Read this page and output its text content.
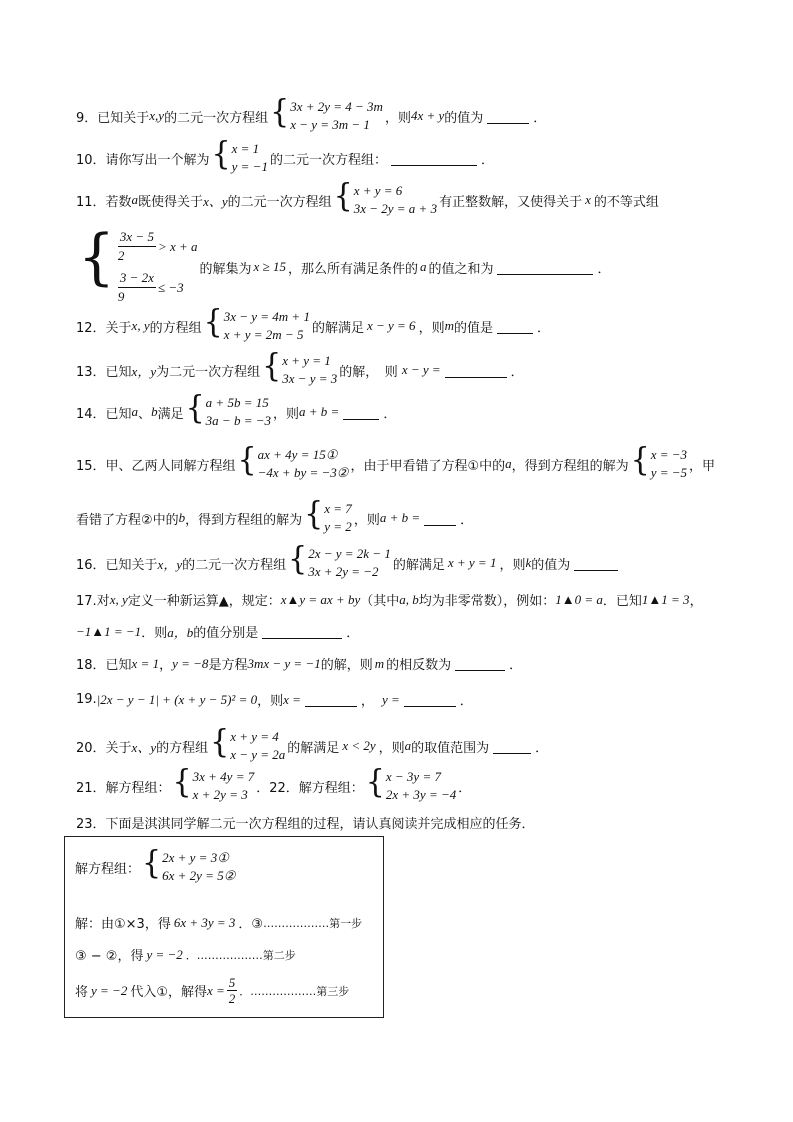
9．已知关于 x,y 的二元一次方程组 { 3x + 2y = 4 − 3m
x − y = 3m − 1	，则 4x + y 的值为	．
10．请你写出一个解为 { x = 1
y = −1 的二元一次方程组：	．
11．若数 a 既使得关于 x、y 的二元一次方程组 { x + y = 6
3x − 2y = a + 3 有正整数解，又使得关于 x 的不等式组
{ $\frac{3x - 5}{2} > x + a$
$\frac{3 - 2x}{9} \le -3$
的解集为 x ≥ 15 ，那么所有满足条件的 a 的值之和为	．
12．关于 x, y 的方程组 { 3x − y = 4m + 1
x + y = 2m − 5 的解满足 x − y = 6 ，则 m 的值是	．
13．已知 x，y 为二元一次方程组 { x + y = 1
3x − y = 3 的解，　则 x − y =	．
14．已知 a 、 b 满足 { a + 5b = 15
3a − b = −3 ，则 a + b =	．
15．甲、乙两人同解方程组 { ax + 4y = 15①
−4x + by = −3② ，由于甲看错了方程①中的 a ，得到方程组的解为 { x = −3
y = −5 ，甲
看错了方程②中的 b ，得到方程组的解为 { x = 7
y = 2 ，则 a + b =	．
16．已知关于 x，y 的二元一次方程组 { 2x − y = 2k − 1
3x + 2y = −2	的解满足 x + y = 1 ，则 k 的值为
17.对 x, y 定义一种新运算▲，规定： x▲y = ax + by （其中 a, b 均为非零常数），例如： 1▲0 = a ．已知 1▲1 = 3 ，
−1▲1 = −1 ．则 a，b 的值分别是	．
18．已知 x = 1 ， y = −8 是方程 3mx − y = −1 的解，则 m 的相反数为	．
19. |2x − y − 1| + (x + y − 5)² = 0 ，则 x =	， y =	．
20．关于 x、y 的方程组 { x + y = 4
x − y = 2a 的解满足 x < 2y ，则 a 的取值范围为	．
21．解方程组： { 3x + 4y = 7
x + 2y = 3 ． 22．解方程组： { x − 3y = 7
2x + 3y = −4 ．
23．下面是淇淇同学解二元一次方程组的过程，请认真阅读并完成相应的任务．
解方程组： { 2x + y = 3①
6x + 2y = 5②
解：由①×3，得 6x + 3y = 3 ．③ ………………第一步
③ − ②，得 y = −2 ．………………第二步
将 y = −2 代入①，解得 $x = \frac{5}{2}$ ．………………第三步
